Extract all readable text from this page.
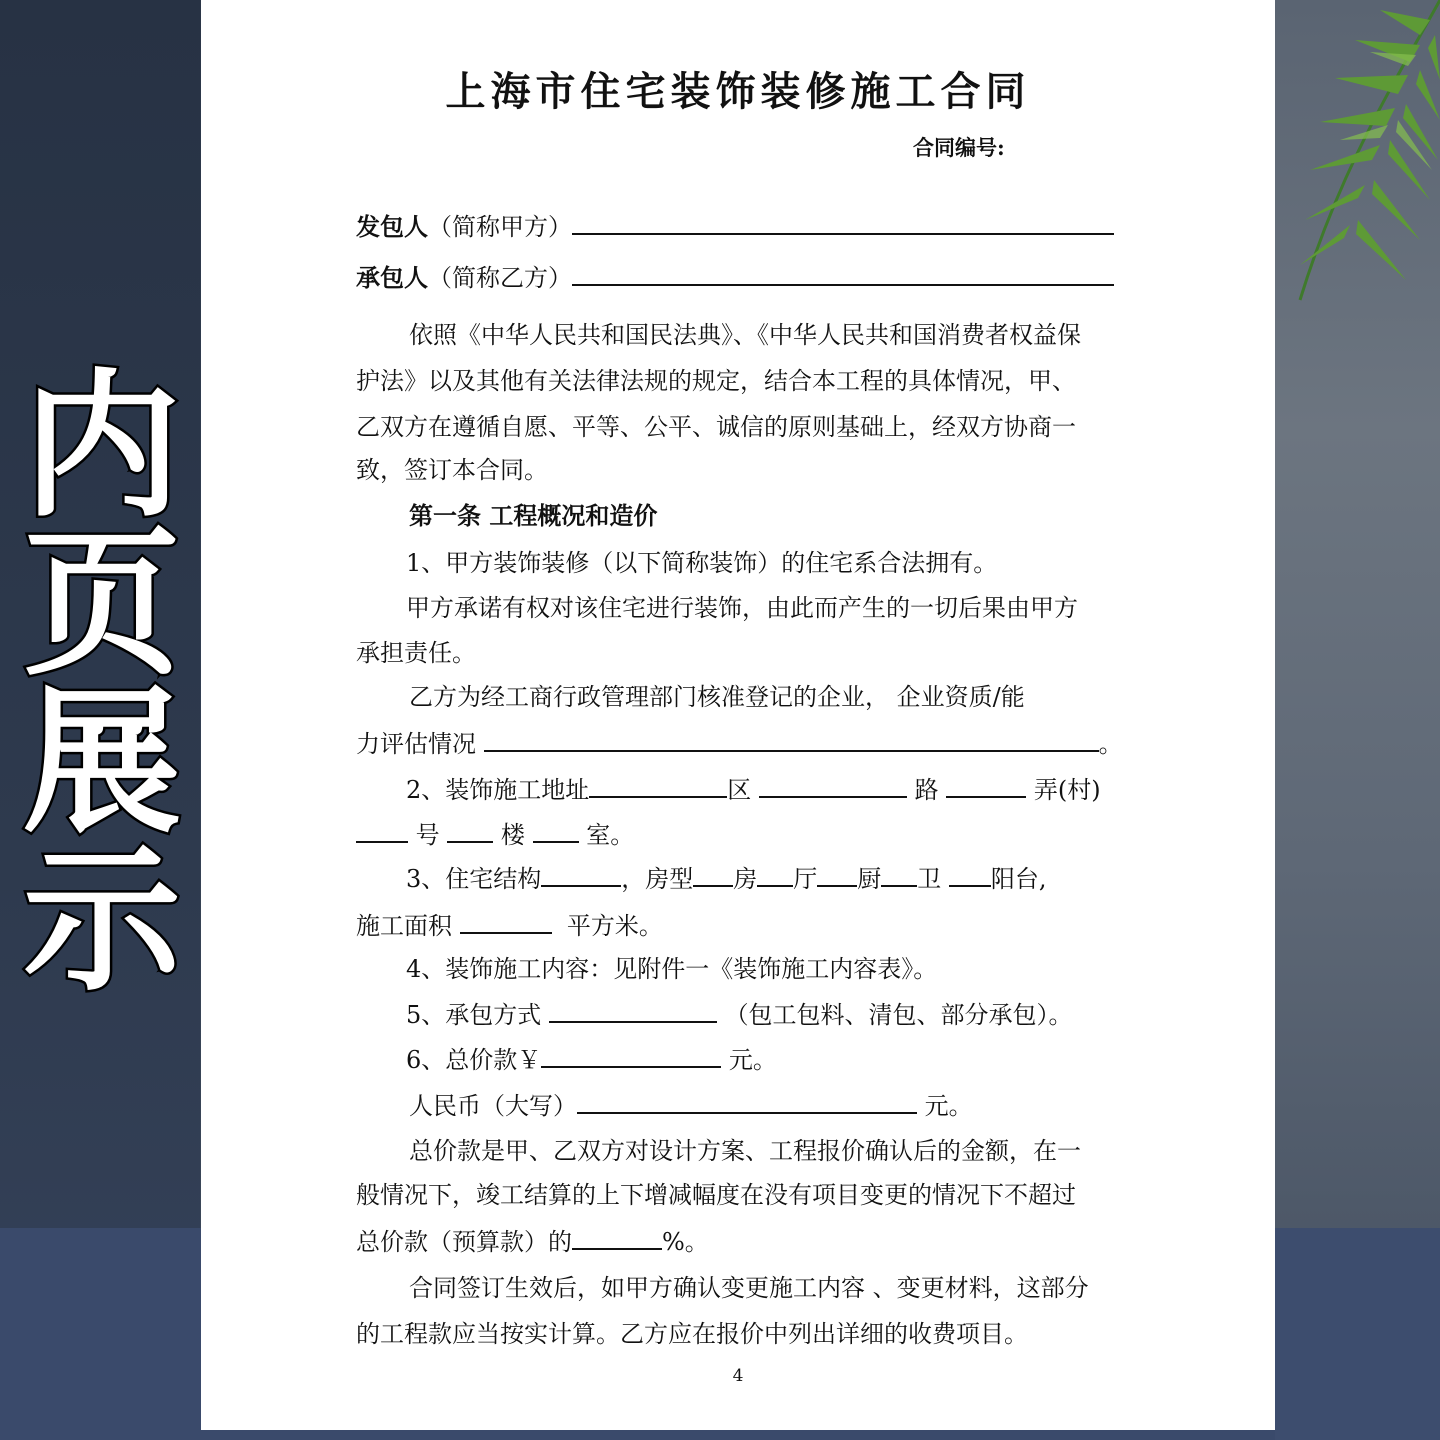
内
页
展
示
上海市住宅装饰装修施工合同
合同编号:
发包人（简称甲方）
承包人（简称乙方）
依照《中华人民共和国民法典》、《中华人民共和国消费者权益保
护法》以及其他有关法律法规的规定，结合本工程的具体情况，甲、
乙双方在遵循自愿、平等、公平、诚信的原则基础上，经双方协商一
致，签订本合同。
第一条 工程概况和造价
1、甲方装饰装修（以下简称装饰）的住宅系合法拥有。
甲方承诺有权对该住宅进行装饰，由此而产生的一切后果由甲方
承担责任。
乙方为经工商行政管理部门核准登记的企业， 企业资质/能
力评估情况	。
2、装饰施工地址	区	路	弄(村)
号	楼	室。
3、住宅结构	，房型 房 厅 厨 卫 阳台,
施工面积	平方米。
4、装饰施工内容：见附件一《装饰施工内容表》。
5、承包方式	（包工包料、清包、部分承包）。
6、总价款￥	元。
人民币（大写）	元。
总价款是甲、乙双方对设计方案、工程报价确认后的金额，在一
般情况下，竣工结算的上下增减幅度在没有项目变更的情况下不超过
总价款（预算款）的	%。
合同签订生效后，如甲方确认变更施工内容 、变更材料，这部分
的工程款应当按实计算。乙方应在报价中列出详细的收费项目。
4
